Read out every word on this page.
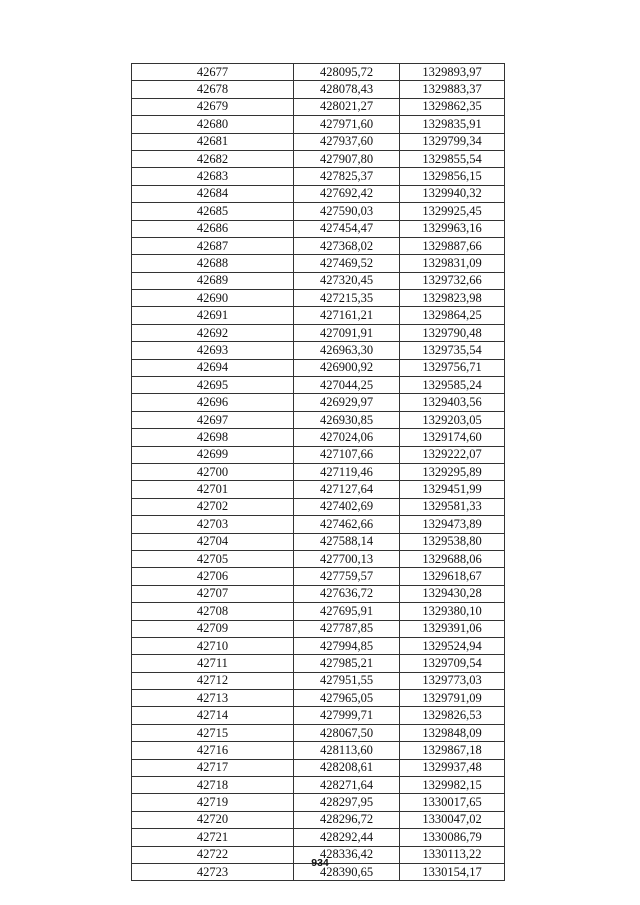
42677	428095,72	1329893,97
42678	428078,43	1329883,37
42679	428021,27	1329862,35
42680	427971,60	1329835,91
42681	427937,60	1329799,34
42682	427907,80	1329855,54
42683	427825,37	1329856,15
42684	427692,42	1329940,32
42685	427590,03	1329925,45
42686	427454,47	1329963,16
42687	427368,02	1329887,66
42688	427469,52	1329831,09
42689	427320,45	1329732,66
42690	427215,35	1329823,98
42691	427161,21	1329864,25
42692	427091,91	1329790,48
42693	426963,30	1329735,54
42694	426900,92	1329756,71
42695	427044,25	1329585,24
42696	426929,97	1329403,56
42697	426930,85	1329203,05
42698	427024,06	1329174,60
42699	427107,66	1329222,07
42700	427119,46	1329295,89
42701	427127,64	1329451,99
42702	427402,69	1329581,33
42703	427462,66	1329473,89
42704	427588,14	1329538,80
42705	427700,13	1329688,06
42706	427759,57	1329618,67
42707	427636,72	1329430,28
42708	427695,91	1329380,10
42709	427787,85	1329391,06
42710	427994,85	1329524,94
42711	427985,21	1329709,54
42712	427951,55	1329773,03
42713	427965,05	1329791,09
42714	427999,71	1329826,53
42715	428067,50	1329848,09
42716	428113,60	1329867,18
42717	428208,61	1329937,48
42718	428271,64	1329982,15
42719	428297,95	1330017,65
42720	428296,72	1330047,02
42721	428292,44	1330086,79
42722	428336,42	1330113,22
42723	428390,65	1330154,17
934
